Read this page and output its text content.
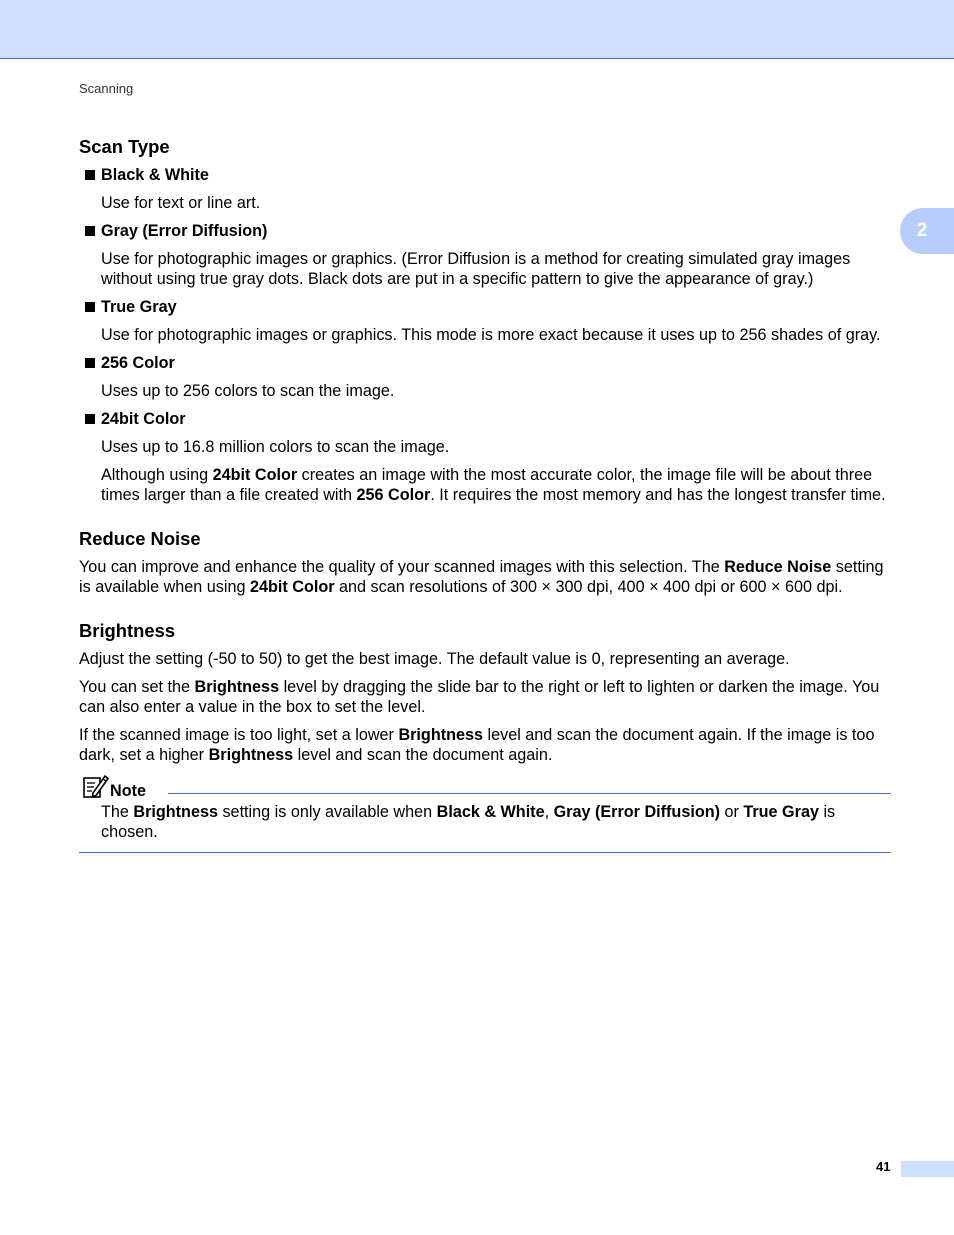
Scanning
2
Scan Type
Black & White

Use for text or line art.

Gray (Error Diffusion)

Use for photographic images or graphics. (Error Diffusion is a method for creating simulated gray images without using true gray dots. Black dots are put in a specific pattern to give the appearance of gray.)

True Gray

Use for photographic images or graphics. This mode is more exact because it uses up to 256 shades of gray.

256 Color

Uses up to 256 colors to scan the image.

24bit Color

Uses up to 16.8 million colors to scan the image.

Although using 24bit Color creates an image with the most accurate color, the image file will be about three times larger than a file created with 256 Color. It requires the most memory and has the longest transfer time.

Reduce Noise

You can improve and enhance the quality of your scanned images with this selection. The Reduce Noise setting is available when using 24bit Color and scan resolutions of 300 × 300 dpi, 400 × 400 dpi or 600 × 600 dpi.

Brightness

Adjust the setting (-50 to 50) to get the best image. The default value is 0, representing an average.

You can set the Brightness level by dragging the slide bar to the right or left to lighten or darken the image. You can also enter a value in the box to set the level.

If the scanned image is too light, set a lower Brightness level and scan the document again. If the image is too dark, set a higher Brightness level and scan the document again.

Note

The Brightness setting is only available when Black & White, Gray (Error Diffusion) or True Gray is chosen.

41
